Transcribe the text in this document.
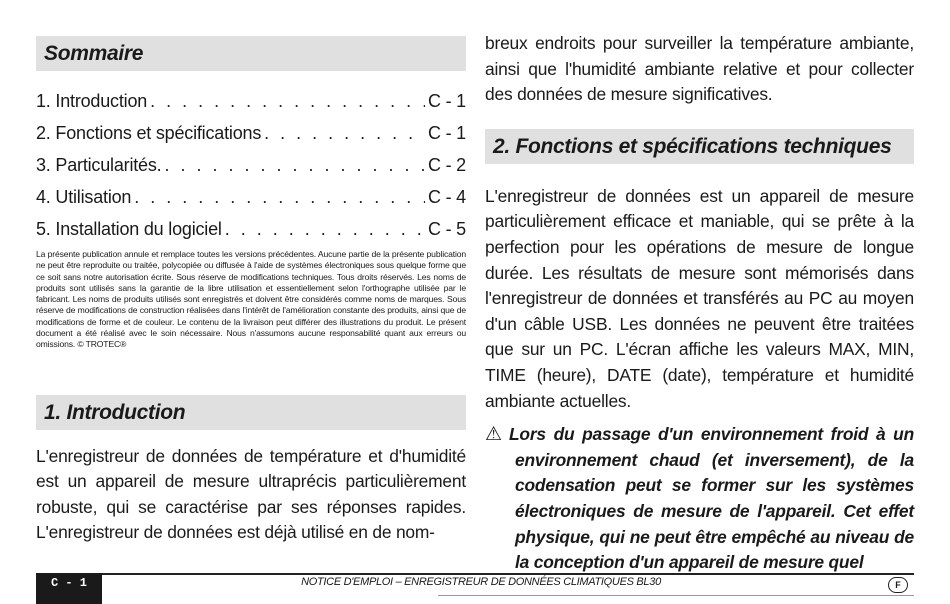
Sommaire
1. Introduction . . .	C - 1
2. Fonctions et spécifications . . .	C - 1
3. Particularités. . . .	C - 2
4. Utilisation . . .	C - 4
5. Installation du logiciel . . .	C - 5

La présente publication annule et remplace toutes les versions précédentes. Aucune partie de la présente publication ne peut être reproduite ou traitée, polycopiée ou diffusée à l'aide de systèmes électroniques sous quelque forme que ce soit sans notre autorisation écrite. Sous réserve de modifications techniques. Tous droits réservés. Les noms de produits sont utilisés sans la garantie de la libre utilisation et essentiellement selon l'orthographe utilisée par le fabricant. Les noms de produits utilisés sont enregistrés et doivent être considérés comme noms de marques. Sous réserve de modifications de construction réalisées dans l'intérêt de l'amélioration constante des produits, ainsi que de modifications de forme et de couleur. Le contenu de la livraison peut différer des illustrations du produit. Le présent document a été réalisé avec le soin nécessaire. Nous n'assumons aucune responsabilité quant aux erreurs ou omissions. © TROTEC®

1. Introduction

L'enregistreur de données de température et d'humidité est un appareil de mesure ultraprécis particulièrement robuste, qui se caractérise par ses réponses rapides. L'enregistreur de données est déjà utilisé en de nom-

breux endroits pour surveiller la température ambiante, ainsi que l'humidité ambiante relative et pour collecter des données de mesure significatives.

2. Fonctions et spécifications techniques

L'enregistreur de données est un appareil de mesure particulièrement efficace et maniable, qui se prête à la perfection pour les opérations de mesure de longue durée. Les résultats de mesure sont mémorisés dans l'enregistreur de données et transférés au PC au moyen d'un câble USB. Les données ne peuvent être traitées que sur un PC. L'écran affiche les valeurs MAX, MIN, TIME (heure), DATE (date), température et humidité ambiante actuelles.

⚠ Lors du passage d'un environnement froid à un environnement chaud (et inversement), de la codensation peut se former sur les systèmes électroniques de mesure de l'appareil. Cet effet physique, qui ne peut être empêché au niveau de la conception d'un appareil de mesure quel

C - 1	NOTICE D'EMPLOI – ENREGISTREUR DE DONNÉES CLIMATIQUES BL30	F
